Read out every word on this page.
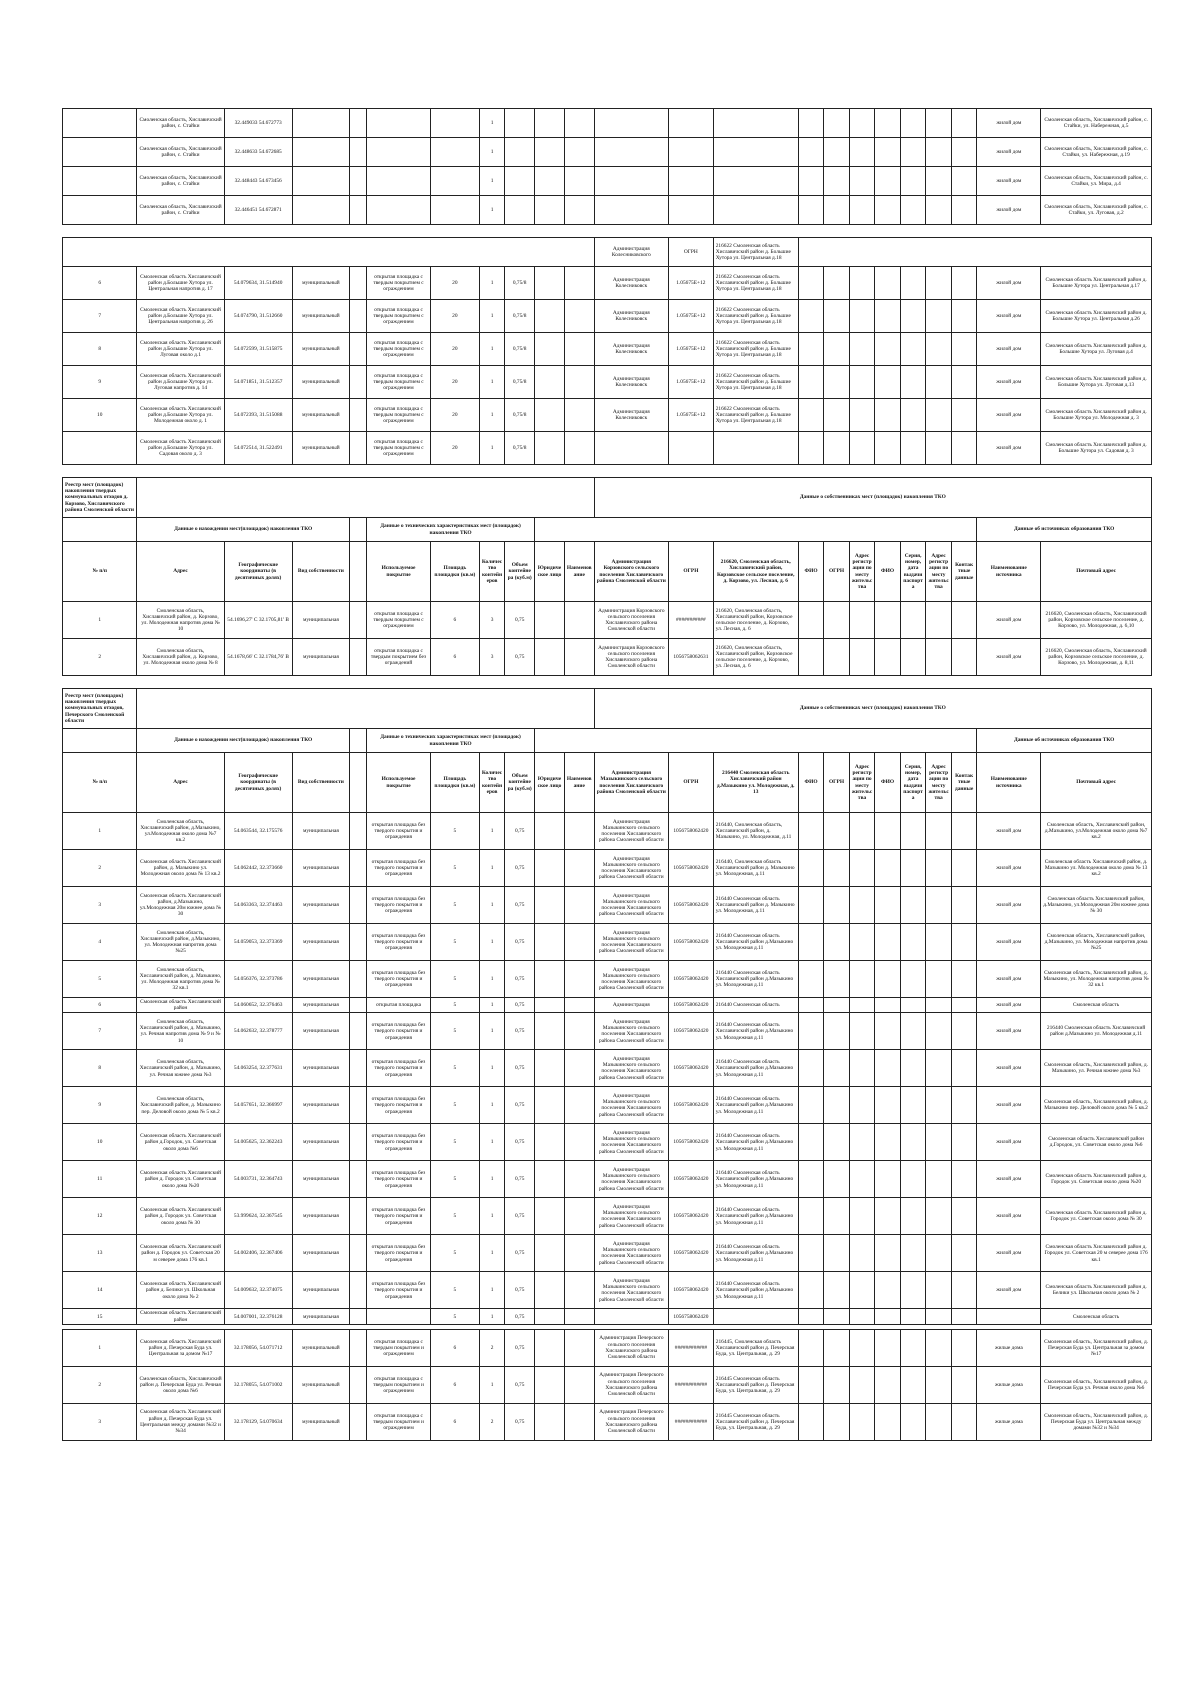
	Смоленская область, Хиславичский район, с. Стайки	32.449033 54.672773					1														жилой дом	Смоленская область, Хиславичский район, с. Стайки, ул. Набережная, д.5
	Смоленская область, Хиславичский район, с. Стайки	32.448633 54.672685					1														жилой дом	Смоленская область, Хиславичский район, с. Стайки, ул. Набережная, д.19
	Смоленская область, Хиславичский район, с. Стайки	32.448443 54.673456					1														жилой дом	Смоленская область, Хиславичский район, с. Стайки, ул. Мира, д.4
	Смоленская область, Хиславичский район, с. Стайки	32.446451 54.672871					1														жилой дом	Смоленская область, Хиславичский район, с. Стайки, ул. Луговая, д.2
											Администрация Колесниковского	ОГРН	216622 Смоленская область Хиславичский район д. Большие Хутора ул. Центральная д.18									
6	Смоленская область Хиславичский район д.Большие Хутора ул. Центральная напротив д. 17	54.079634, 31.514940	муниципальный		открытая площадка с твердым покрытием с ограждением	20	1	0,75/8			Администрация Колесниковск	1.05675E+12	216622 Смоленская область Хиславичский район д. Большие Хутора ул. Центральная д.18								жилой дом	Смоленская область Хиславичский район д. Большие Хутора ул. Центральная д.17
7	Смоленская область Хиславичский район д.Большие Хутора ул. Центральная напротив д. 26	54.074790, 31.512660	муниципальный		открытая площадка с твердым покрытием с ограждением	20	1	0,75/8			Администрация Колесниковск	1.05675E+12	216622 Смоленская область Хиславичский район д. Большие Хутора ул. Центральная д.18								жилой дом	Смоленская область Хиславичский район д. Большие Хутора ул. Центральная д.26
8	Смоленская область Хиславичский район д.Большие Хутора ул. Луговая около д.1	54.072599, 31.515875	муниципальный		открытая площадка с твердым покрытием с ограждением	20	1	0,75/8			Администрация Колесниковск	1.05675E+12	216622 Смоленская область Хиславичский район д. Большие Хутора ул. Центральная д.18								жилой дом	Смоленская область Хиславичский район д. Большие Хутора ул. Луговая д.4
9	Смоленская область Хиславичский район д.Большие Хутора ул. Луговая напротив д. 14	54.071851, 31.512357	муниципальный		открытая площадка с твердым покрытием с ограждением	20	1	0,75/8			Администрация Колесниковск	1.05675E+12	216622 Смоленская область Хиславичский район д. Большие Хутора ул. Центральная д.18								жилой дом	Смоленская область Хиславичский район д. Большие Хутора ул. Луговая д.13
10	Смоленская область Хиславичский район д.Большие Хутора ул. Молодежная около д. 1	54.072393, 31.515088	муниципальный		открытая площадка с твердым покрытием с ограждением	20	1	0,75/8			Администрация Колесниковск	1.05675E+12	216622 Смоленская область Хиславичский район д. Большие Хутора ул. Центральная д.18								жилой дом	Смоленская область Хиславичский район д. Большие Хутора ул. Молодежная д. 3
	Смоленская область Хиславичский район д.Большие Хутора ул. Садовая около д. 3	54.072514, 31.522491	муниципальный		открытая площадка с твердым покрытием с ограждением	20	1	0,75/8													жилой дом	Смоленская область Хиславичский район д. Большие Хутора ул. Садовая д. 3
Реестр мест (площадок) накопления твердых коммунальных отходов д. Корзово, Хиславичского района Смоленской области											Данные о собственниках мест (площадок) накопления ТКО											
	Данные о нахождении мест(площадок) накопления ТКО				Данные о технических характеристиках мест (площадок) накопления ТКО																Данные об источниках образования ТКО	
№ п/п	Адрес	Географические координаты (в десятичных долях)	Вид собственности		Используемое покрытие	Площадь площадки (кв.м)	Количество контейнеров	Объем контейнера (куб.м)	Юридическое лицо	Наименование	Администрация Корзовского сельского поселения Хиславичского района Смоленской области	ОГРН	216620, Смоленская область, Хиславичский район, Корзовское сельское поселение, д. Корзово, ул. Лесная, д. 6	ФИО	ОГРН	Адрес регистрации по месту жительства	ФИО	Серия, номер, дата выдачи паспорта	Адрес регистрации по месту жительства	Контактные данные	Наименование источника	Почтовый адрес
1	Смоленская область, Хиславичский район, д. Корзово, ул. Молодежная напротив дома № 10	54.1696,27' С 32.1705,81' В	муниципальная		открытая площадка с твердым покрытием с ограждением	6	3	0,75			Администрация Корзовского сельского поселения Хиславичского района Смоленской области	###########	216620, Смоленская область, Хиславичский район, Корзовское сельское поселение, д. Корзово, ул. Лесная, д. 6								жилой дом	216620, Смоленская область, Хиславичский район, Корзовское сельское поселение, д. Корзово, ул. Молодежная, д. 6,10
2	Смоленская область, Хиславичский район, д. Корзово, ул. Молодежная около дома № 8	54.1678,66' С 32.1784,76' В	муниципальная		открытая площадка с твердым покрытием без ограждений	6	3	0,75			Администрация Корзовского сельского поселения Хиславичского района Смоленской области	1056758062631	216620, Смоленская область, Хиславичский район, Корзовское сельское поселение, д. Корзово, ул. Лесная, д. 6								жилой дом	216620, Смоленская область, Хиславичский район, Корзовское сельское поселение, д. Корзово, ул. Молодежная, д. 8,11
Реестр мест (площадок) накопления твердых коммунальных отходов, Печерского Смоленской области											Данные о собственниках мест (площадок) накопления ТКО											
	Данные о нахождении мест(площадок) накопления ТКО				Данные о технических характеристиках мест (площадок) накопления ТКО																Данные об источниках образования ТКО	
№ п/п	Адрес	Географические координаты (в десятичных долях)	Вид собственности		Используемое покрытие	Площадь площадки (кв.м)	Количество контейнеров	Объем контейнера (куб.м)	Юридическое лицо	Наименование	Администрация Мазыкинского сельского поселения Хиславичского района Смоленской области	ОГРН	216440 Смоленская область Хиславичский район д.Мазыкино ул. Молодежная, д. 13	ФИО	ОГРН	Адрес регистрации по месту жительства	ФИО	Серия, номер, дата выдачи паспорта	Адрес регистрации по месту жительства	Контактные данные	Наименование источника	Почтовый адрес
1	Смоленская область, Хиславичский район, д.Мазыкино, ул.Молодежная около дома №7 кв.2	54.063544, 32.175576	муниципальная		открытая площадка без твердого покрытия и ограждения	5	1	0,75			Администрация Мазыкинского сельского поселения Хиславичского района Смоленской области	1056758062420	216440, Смоленская область, Хиславичский район, д. Мазыкино, ул. Молодежная, д.11								жилой дом	Смоленская область, Хиславичский район, д.Мазыкино, ул.Молодежная около дома №7 кв.2
2	Смоленская область Хиславичский район, д. Мазыкино ул. Молодежная около дома № 13 кв.2	54.062442, 32.373660	муниципальная		открытая площадка без твердого покрытия и ограждения	5	1	0,75			Администрация Мазыкинского сельского поселения Хиславичского района Смоленской области	1056758062420	216440, Смоленская область Хиславичский район д. Мазыкино ул. Молодежная, д.11								жилой дом	Смоленская область Хиславичский район, д. Мазыкино ул. Молодежная около дома № 13 кв.2
3	Смоленская область Хиславичский район, д.Мазыкино, ул.Молодежная 20м южнее дома № 30	54.063363, 32.374463	муниципальная		открытая площадка без твердого покрытия и ограждения	5	1	0,75			Администрация Мазыкинского сельского поселения Хиславичского района Смоленской области	1056758062420	216440 Смоленская область Хиславичский район д. Мазыкино ул. Молодежная, д.11								жилой дом	Смоленская область Хиславичский район, д.Мазыкино, ул.Молодежная 20м южнее дома № 30
4	Смоленская область, Хиславичский район, д.Мазыкино, ул. Молодежная напротив дома №25	54.059053, 32.373369	муниципальная		открытая площадка без твердого покрытия и ограждения	5	1	0,75			Администрация Мазыкинского сельского поселения Хиславичского района Смоленской области	1056758062420	216440 Смоленская область Хиславичский район д.Мазыкино ул. Молодежная д.11								жилой дом	Смоленская область, Хиславичский район, д.Мазыкино, ул. Молодежная напротив дома №25
5	Смоленская область, Хиславичский район, д. Мазыкино, ул. Молодежная напротив дома № 32 кв.1	54.056376, 32.373786	муниципальная		открытая площадка без твердого покрытия и ограждения	5	1	0,75			Администрация Мазыкинского сельского поселения Хиславичского района Смоленской области	1056758062420	216440 Смоленская область Хиславичский район д.Мазыкино ул. Молодежная д.11								жилой дом	Смоленская область, Хиславичский район, д. Мазыкино, ул. Молодежная напротив дома № 32 кв.1
6	Смоленская область Хиславичский район	54.060652, 32.376463	муниципальная		открытая площадка	5	1	0,75			Администрация	1056758062420	216440 Смоленская область								жилой дом	Смоленская область
7	Смоленская область, Хиславичский район, д. Мазыкино, ул. Речная напротив дома № 9 и № 10	54.062632, 32.378777	муниципальная		открытая площадка без твердого покрытия и ограждения	5	1	0,75			Администрация Мазыкинского сельского поселения Хиславичского района Смоленской области	1056758062420	216440 Смоленская область Хиславичский район д.Мазыкино ул. Молодежная д.11								жилой дом	216440 Смоленская область Хиславичский район д.Мазыкино ул. Молодежная д.11
8	Смоленская область, Хиславичский район, д. Мазыкино, ул. Речная южнее дома №3	54.063254, 32.377631	муниципальная		открытая площадка без твердого покрытия и ограждения	5	1	0,75			Администрация Мазыкинского сельского поселения Хиславичского района Смоленской области	1056758062420	216440 Смоленская область Хиславичский район д.Мазыкино ул. Молодежная д.11								жилой дом	Смоленская область, Хиславичский район, д. Мазыкино, ул. Речная южнее дома №3
9	Смоленская область, Хиславичский район, д. Мазыкино пер. Деловой около дома № 5 кв.2	54.057651, 32.366997	муниципальная		открытая площадка без твердого покрытия и ограждения	5	1	0,75			Администрация Мазыкинского сельского поселения Хиславичского района Смоленской области	1056758062420	216440 Смоленская область Хиславичский район д.Мазыкино ул. Молодежная д.11								жилой дом	Смоленская область, Хиславичский район, д. Мазыкино пер. Деловой около дома № 5 кв.2
10	Смоленская область Хиславичский район д.Городок, ул. Советская около дома №6	54.005625, 32.362243	муниципальная		открытая площадка без твердого покрытия и ограждения	5	1	0,75			Администрация Мазыкинского сельского поселения Хиславичского района Смоленской области	1056758062420	216440 Смоленская область Хиславичский район д.Мазыкино ул. Молодежная д.11								жилой дом	Смоленская область Хиславичский район д.Городок, ул. Советская около дома №6
11	Смоленская область Хиславичский район д. Городок ул. Советская около дома №20	54.003731, 32.364743	муниципальная		открытая площадка без твердого покрытия и ограждения	5	1	0,75			Администрация Мазыкинского сельского поселения Хиславичского района Смоленской области	1056758062420	216440 Смоленская область Хиславичский район д.Мазыкино ул. Молодежная д.11								жилой дом	Смоленская область Хиславичский район д. Городок ул. Советская около дома №20
12	Смоленская область Хиславичский район д. Городок ул. Советская около дома № 30	53.999624, 32.367545	муниципальная		открытая площадка без твердого покрытия и ограждения	5	1	0,75			Администрация Мазыкинского сельского поселения Хиславичского района Смоленской области	1056758062420	216440 Смоленская область Хиславичский район д.Мазыкино ул. Молодежная д.11								жилой дом	Смоленская область Хиславичский район д. Городок ул. Советская около дома № 30
13	Смоленская область Хиславичский район д. Городок ул. Советская 20 м северее дома 176 кв.1	54.002406, 32.367406	муниципальная		открытая площадка без твердого покрытия и ограждения	5	1	0,75			Администрация Мазыкинского сельского поселения Хиславичского района Смоленской области	1056758062420	216440 Смоленская область Хиславичский район д.Мазыкино ул. Молодежная д.11								жилой дом	Смоленская область Хиславичский район д. Городок ул. Советская 20 м северее дома 176 кв.1
14	Смоленская область Хиславичский район д. Белики ул. Школьная около дома № 2	54.009632, 32.374075	муниципальная		открытая площадка без твердого покрытия и ограждения	5	1	0,75			Администрация Мазыкинского сельского поселения Хиславичского района Смоленской области	1056758062420	216440 Смоленская область Хиславичский район д.Мазыкино ул. Молодежная д.11								жилой дом	Смоленская область Хиславичский район д. Белики ул. Школьная около дома № 2
15	Смоленская область Хиславичский район	54.007001, 32.376128	муниципальная			5	1	0,75				1056758062420										Смоленская область
1	Смоленская область Хиславичский район д. Печерская Буда ул. Центральная за домом №17	32.178056, 54.071712	муниципальный		открытая площадка с твердым покрытием и ограждением	6	2	0,75			Администрация Печерского сельского поселения Хиславичского района Смоленской области	############	216445, Смоленская область Хиславичский район д. Печерская Буда, ул. Центральная, д. 29								жилые дома	Смоленская область, Хиславичский район, д. Печерская Буда ул. Центральная за домом №17
2	Смоленская область, Хиславичский район д. Печерская Буда ул. Речная около дома №6	32.178055, 54.071002	муниципальный		открытая площадка с твердым покрытием и ограждением	6	1	0,75			Администрация Печерского сельского поселения Хиславичского района Смоленской области	############	216445 Смоленская область Хиславичский район д. Печерская Буда, ул. Центральная, д. 29								жилые дома	Смоленская область, Хиславичский район, д. Печерская Буда ул. Речная около дома №6
3	Смоленская область Хиславичский район д. Печерская Буда ул. Центральная между домами №32 и №34	32.178129, 54.070634	муниципальный		открытая площадка с твердым покрытием и ограждением	6	2	0,75			Администрация Печерского сельского поселения Хиславичского района Смоленской области	############	216445 Смоленская область Хиславичский район д. Печерская Буда, ул. Центральная, д. 29								жилые дома	Смоленская область, Хиславичский район, д. Печерская Буда ул. Центральная между домами №32 и №34
